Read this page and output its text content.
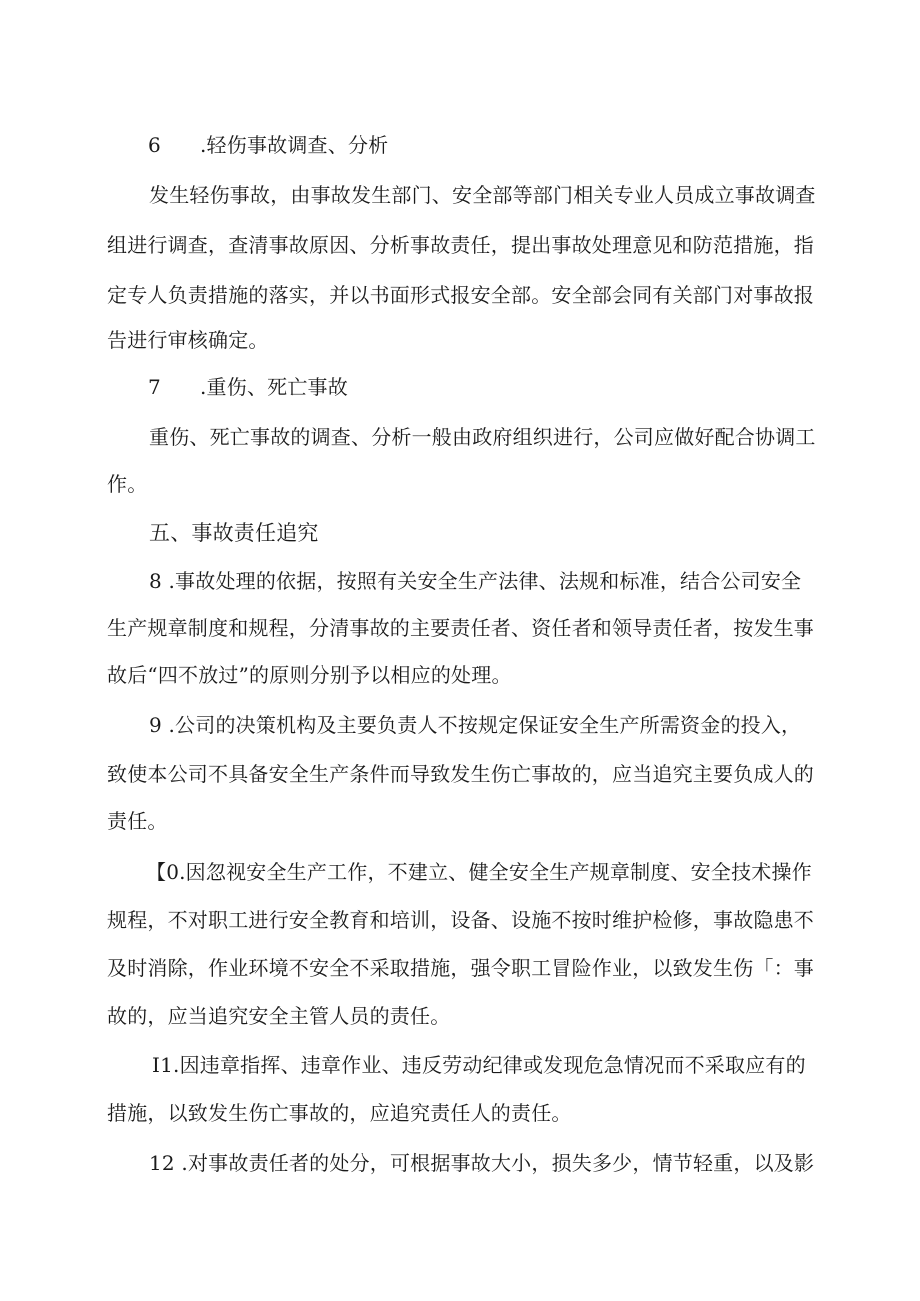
6 .轻伤事故调查、分析
发生轻伤事故，由事故发生部门、安全部等部门相关专业人员成立事故调查
组进行调查，查清事故原因、分析事故责任，提出事故处理意见和防范措施，指
定专人负责措施的落实，并以书面形式报安全部。安全部会同有关部门对事故报
告进行审核确定。
7 .重伤、死亡事故
重伤、死亡事故的调查、分析一般由政府组织进行，公司应做好配合协调工
作。
五、事故责任追究
8 .事故处理的依据，按照有关安全生产法律、法规和标准，结合公司安全
生产规章制度和规程，分清事故的主要责任者、资任者和领导责任者，按发生事
故后“四不放过”的原则分别予以相应的处理。
9 .公司的决策机构及主要负责人不按规定保证安全生产所需资金的投入，
致使本公司不具备安全生产条件而导致发生伤亡事故的，应当追究主要负成人的
责任。
【0.因忽视安全生产工作，不建立、健全安全生产规章制度、安全技术操作
规程，不对职工进行安全教育和培训，设备、设施不按时维护检修，事故隐患不
及时消除，作业环境不安全不采取措施，强令职工冒险作业，以致发生伤「：事
故的，应当追究安全主管人员的责任。
I1.因违章指挥、违章作业、违反劳动纪律或发现危急情况而不采取应有的
措施，以致发生伤亡事故的，应追究责任人的责任。
12 .对事故责任者的处分，可根据事故大小，损失多少，情节轻重，以及影
